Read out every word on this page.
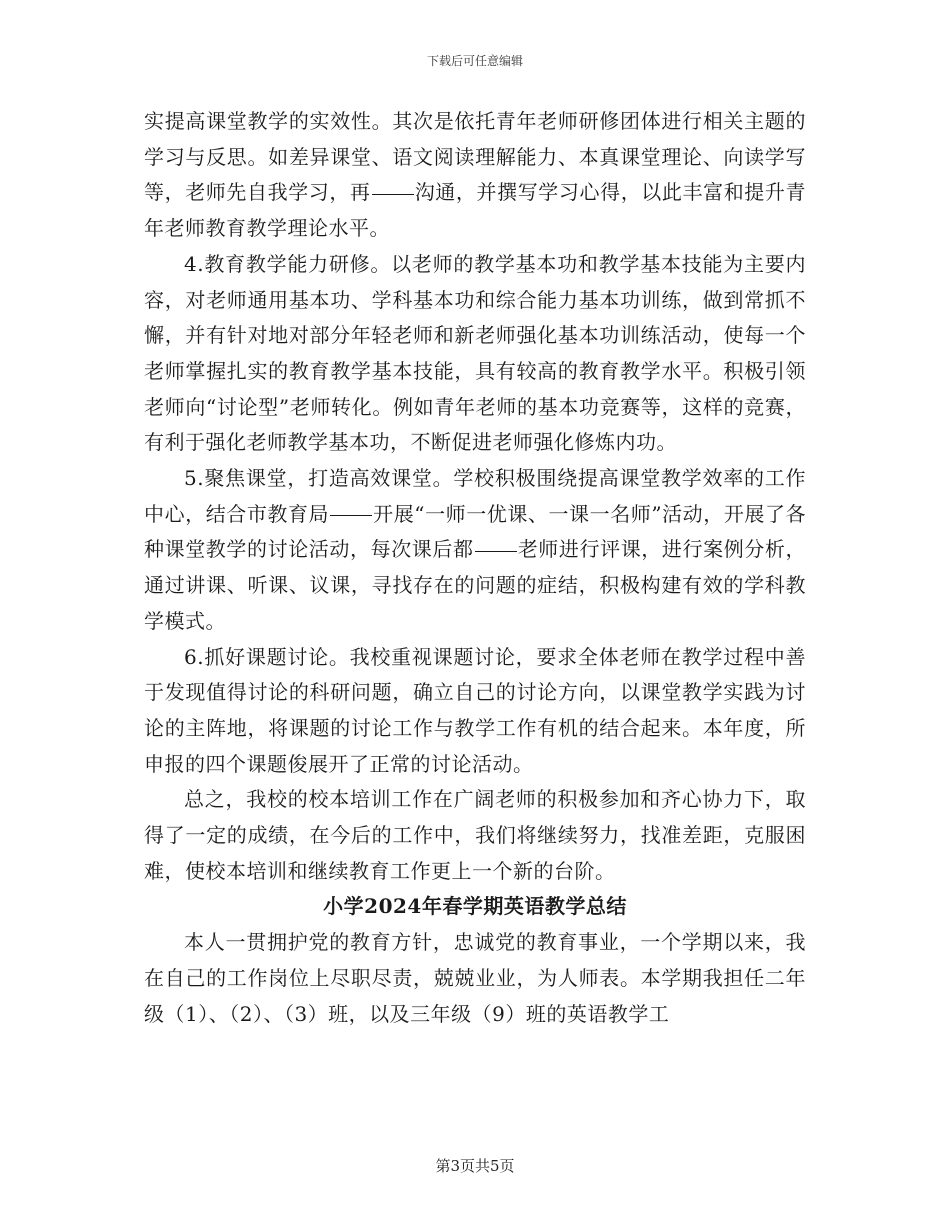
下载后可任意编辑

实提高课堂教学的实效性。其次是依托青年老师研修团体进行相关主题的学习与反思。如差异课堂、语文阅读理解能力、本真课堂理论、向读学写等，老师先自我学习，再 沟通，并撰写学习心得，以此丰富和提升青年老师教育教学理论水平。

4.教育教学能力研修。以老师的教学基本功和教学基本技能为主要内容，对老师通用基本功、学科基本功和综合能力基本功训练，做到常抓不懈，并有针对地对部分年轻老师和新老师强化基本功训练活动，使每一个老师掌握扎实的教育教学基本技能，具有较高的教育教学水平。积极引领老师向“讨论型”老师转化。例如青年老师的基本功竞赛等，这样的竞赛，有利于强化老师教学基本功，不断促进老师强化修炼内功。

5.聚焦课堂，打造高效课堂。学校积极围绕提高课堂教学效率的工作中心，结合市教育局 开展“一师一优课、一课一名师”活动，开展了各种课堂教学的讨论活动，每次课后都 老师进行评课，进行案例分析，通过讲课、听课、议课，寻找存在的问题的症结，积极构建有效的学科教学模式。

6.抓好课题讨论。我校重视课题讨论，要求全体老师在教学过程中善于发现值得讨论的科研问题，确立自己的讨论方向，以课堂教学实践为讨论的主阵地，将课题的讨论工作与教学工作有机的结合起来。本年度，所申报的四个课题俊展开了正常的讨论活动。

总之，我校的校本培训工作在广阔老师的积极参加和齐心协力下，取得了一定的成绩，在今后的工作中，我们将继续努力，找准差距，克服困难，使校本培训和继续教育工作更上一个新的台阶。

小学2024年春学期英语教学总结

本人一贯拥护党的教育方针，忠诚党的教育事业，一个学期以来，我在自己的工作岗位上尽职尽责，兢兢业业，为人师表。本学期我担任二年级（1）、（2）、（3）班，以及三年级（9）班的英语教学工

第3页共5页
